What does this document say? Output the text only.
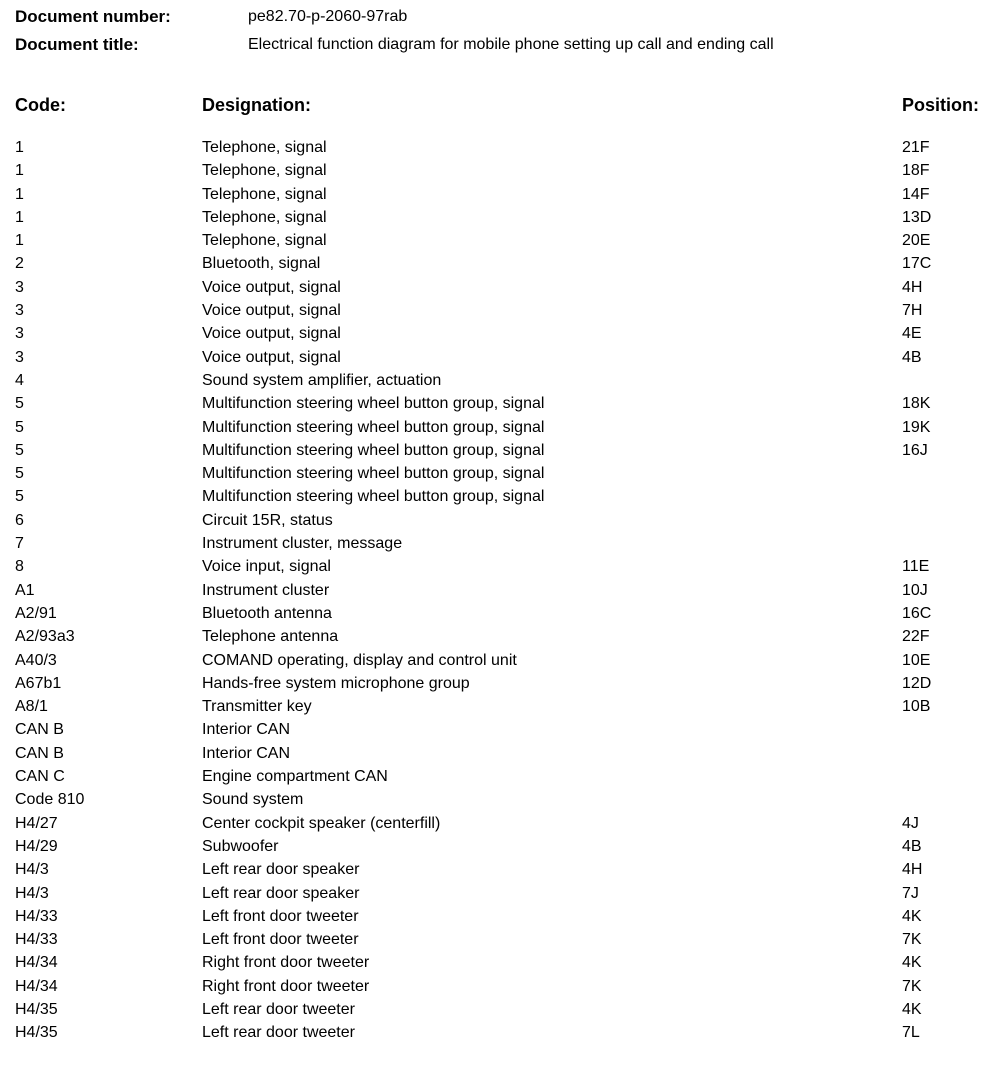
Document number:	pe82.70-p-2060-97rab
Document title:	Electrical function diagram for mobile phone setting up call and ending call
Code:	Designation:	Position:
1	Telephone, signal	21F
1	Telephone, signal	18F
1	Telephone, signal	14F
1	Telephone, signal	13D
1	Telephone, signal	20E
2	Bluetooth, signal	17C
3	Voice output, signal	4H
3	Voice output, signal	7H
3	Voice output, signal	4E
3	Voice output, signal	4B
4	Sound system amplifier, actuation
5	Multifunction steering wheel button group, signal	18K
5	Multifunction steering wheel button group, signal	19K
5	Multifunction steering wheel button group, signal	16J
5	Multifunction steering wheel button group, signal
5	Multifunction steering wheel button group, signal
6	Circuit 15R, status
7	Instrument cluster, message
8	Voice input, signal	11E
A1	Instrument cluster	10J
A2/91	Bluetooth antenna	16C
A2/93a3	Telephone antenna	22F
A40/3	COMAND operating, display and control unit	10E
A67b1	Hands-free system microphone group	12D
A8/1	Transmitter key	10B
CAN B	Interior CAN
CAN B	Interior CAN
CAN C	Engine compartment CAN
Code 810	Sound system
H4/27	Center cockpit speaker (centerfill)	4J
H4/29	Subwoofer	4B
H4/3	Left rear door speaker	4H
H4/3	Left rear door speaker	7J
H4/33	Left front door tweeter	4K
H4/33	Left front door tweeter	7K
H4/34	Right front door tweeter	4K
H4/34	Right front door tweeter	7K
H4/35	Left rear door tweeter	4K
H4/35	Left rear door tweeter	7L
